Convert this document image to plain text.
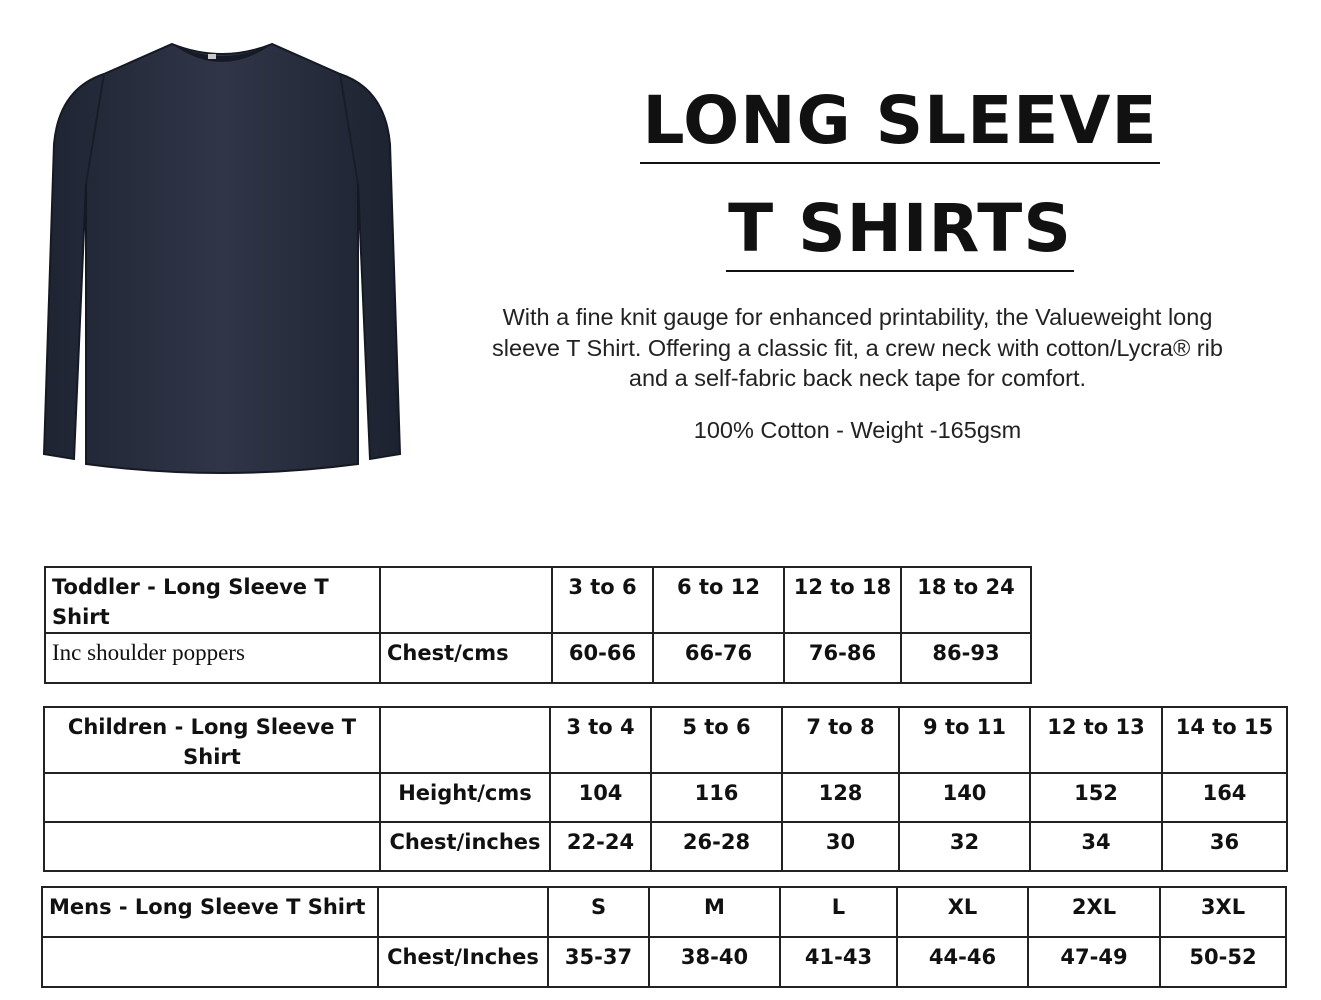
LONG SLEEVE
T SHIRTS
With a fine knit gauge for enhanced printability, the Valueweight long sleeve T Shirt. Offering a classic fit, a crew neck with cotton/Lycra® rib and a self-fabric back neck tape for comfort.
100% Cotton - Weight -165gsm
Toddler - Long Sleeve T Shirt		3 to 6	6 to 12	12 to 18	18 to 24
Inc shoulder poppers	Chest/cms	60-66	66-76	76-86	86-93
Children - Long Sleeve T Shirt		3 to 4	5 to 6	7 to 8	9 to 11	12 to 13	14 to 15
	Height/cms	104	116	128	140	152	164
	Chest/inches	22-24	26-28	30	32	34	36
Mens - Long Sleeve T Shirt		S	M	L	XL	2XL	3XL
	Chest/Inches	35-37	38-40	41-43	44-46	47-49	50-52
